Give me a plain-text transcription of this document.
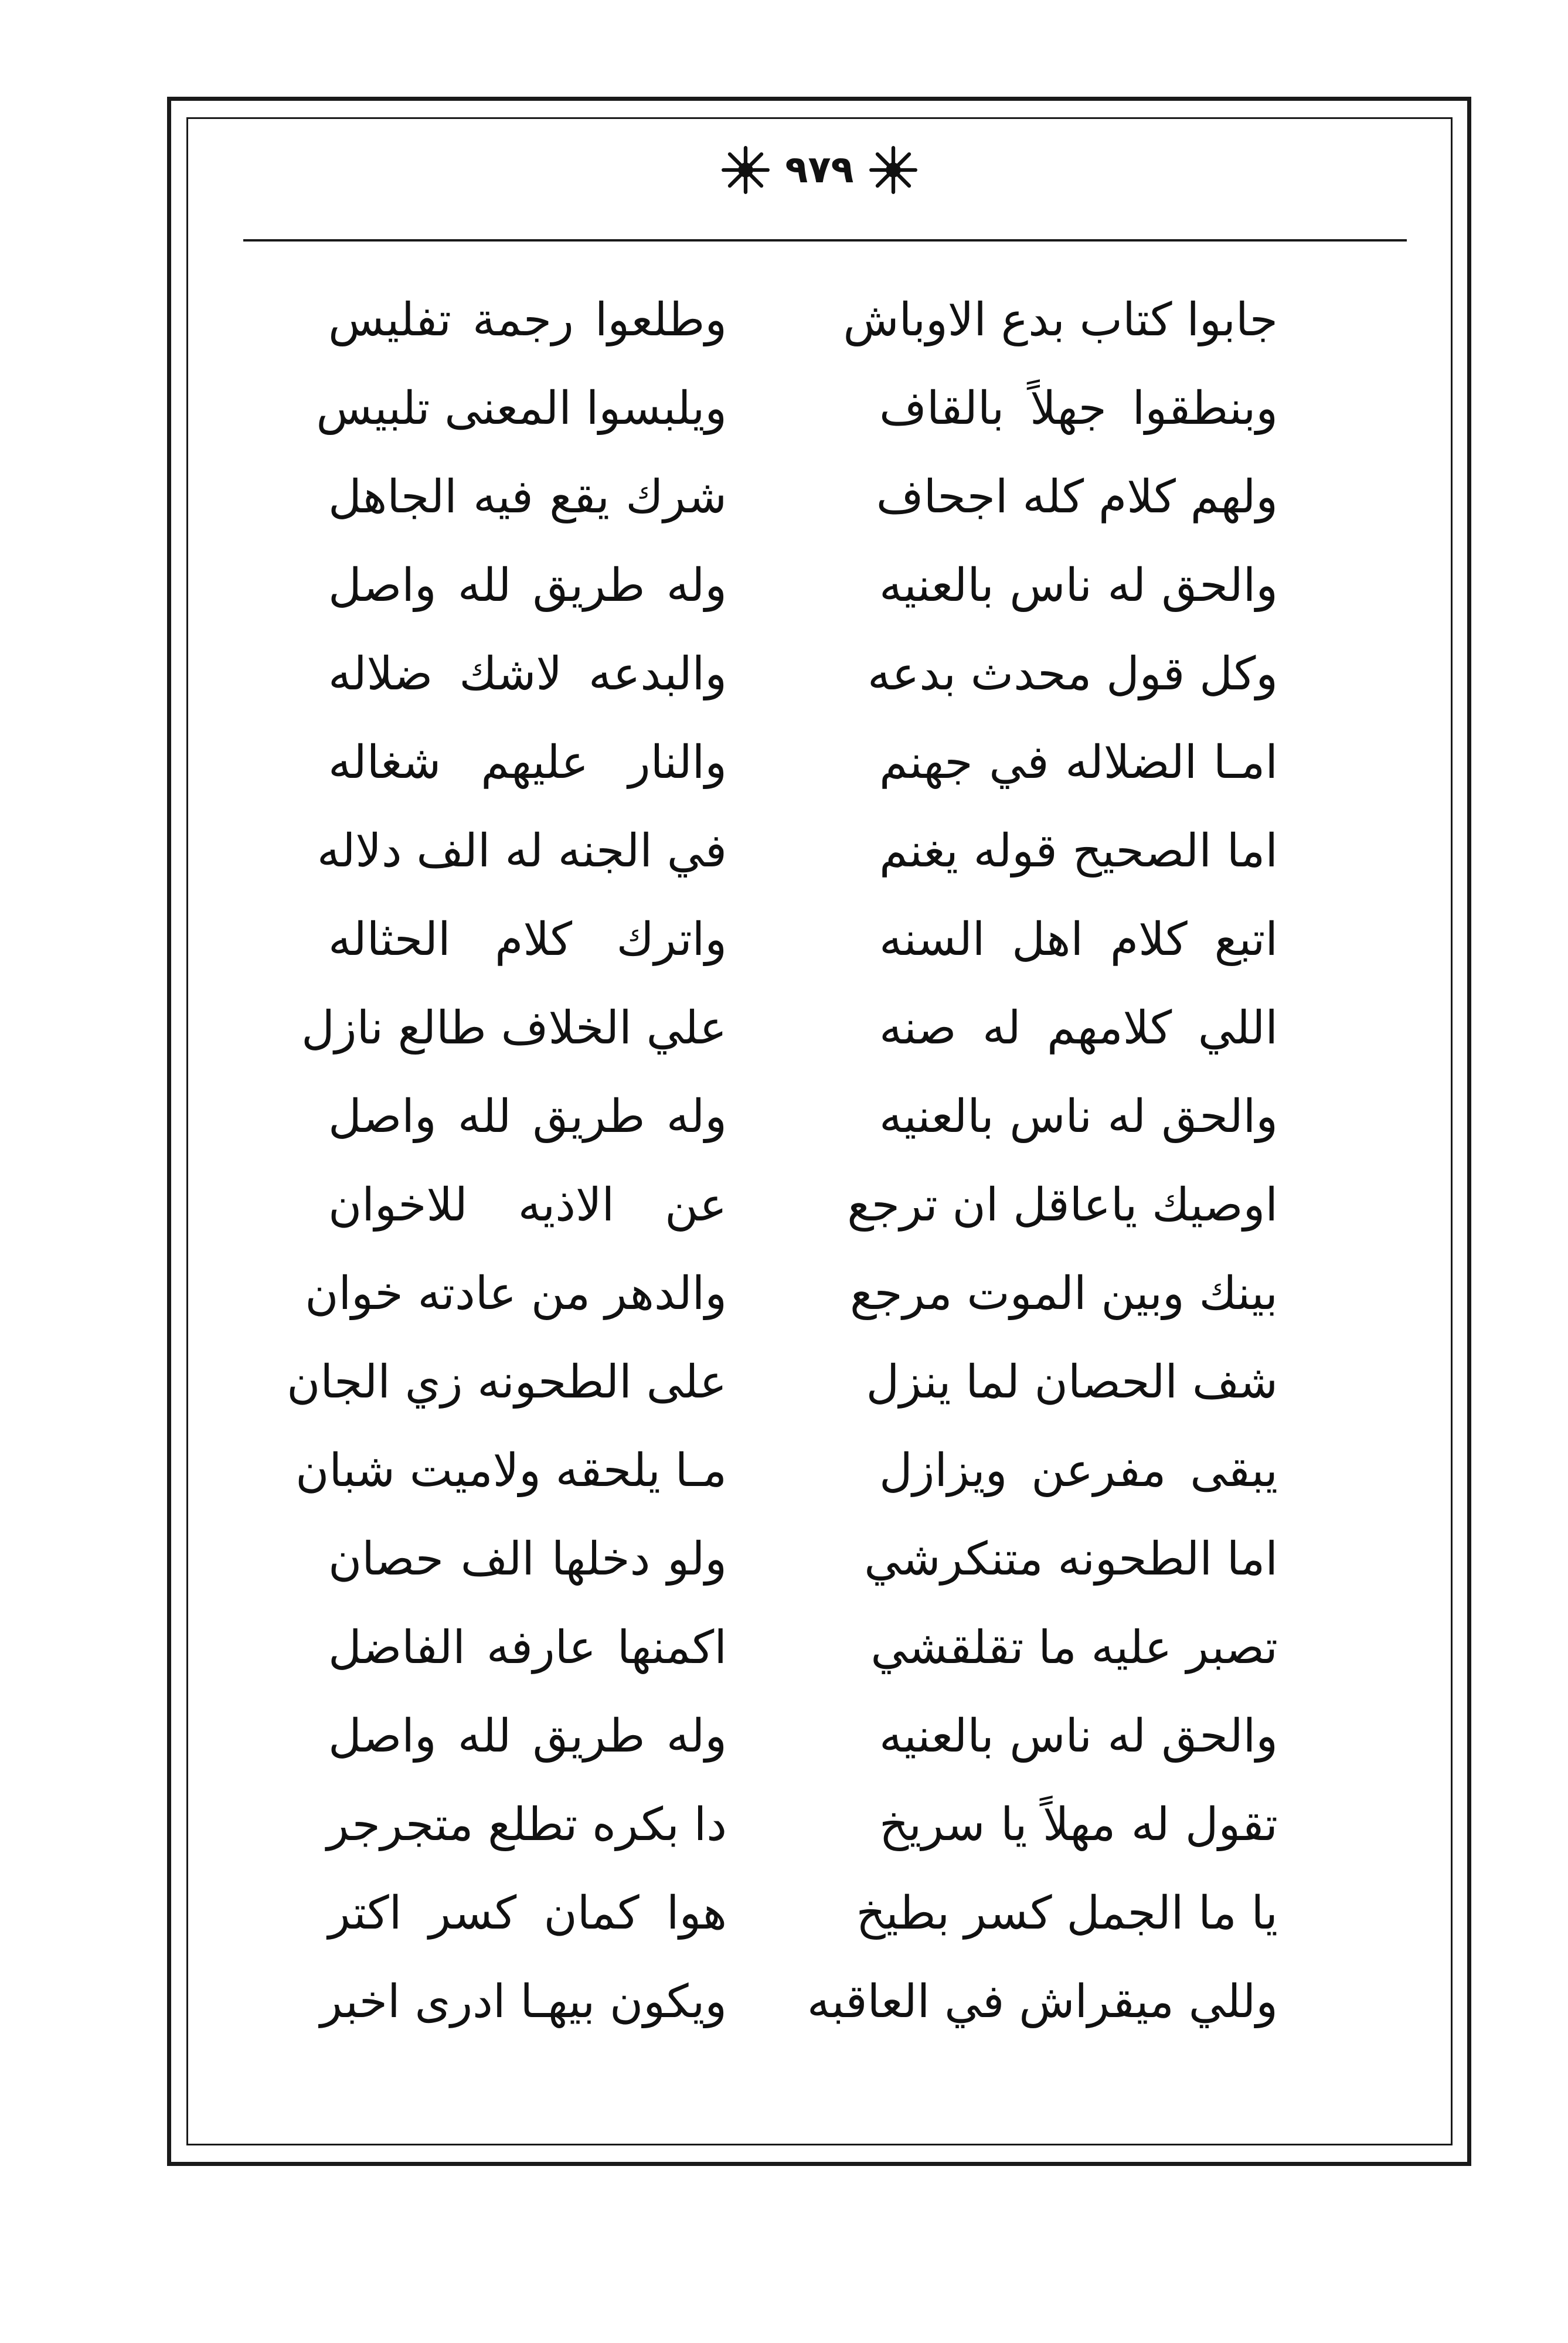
٩٧٩
جابوا كتاب بدع الاوباش
وطلعوا رجمة تفليس
وبنطقوا جهلاً بالقاف
ويلبسوا المعنى تلبيس
ولهم كلام كله اجحاف
شرك يقع فيه الجاهل
والحق له ناس بالعنيه
وله طريق لله واصل
وكل قول محدث بدعه
والبدعه لاشك ضلاله
امـا الضلاله في جهنم
والنار عليهم شغاله
اما الصحيح قوله يغنم
في الجنه له الف دلاله
اتبع كلام اهل السنه
واترك كلام الحثاله
اللي كلامهم له صنه
علي الخلاف طالع نازل
والحق له ناس بالعنيه
وله طريق لله واصل
اوصيك ياعاقل ان ترجع
عن الاذيه للاخوان
بينك وبين الموت مرجع
والدهر من عادته خوان
شف الحصان لما ينزل
على الطحونه زي الجان
يبقى مفرعن ويزازل
مـا يلحقه ولاميت شبان
اما الطحونه متنكرشي
ولو دخلها الف حصان
تصبر عليه ما تقلقشي
اكمنها عارفه الفاضل
والحق له ناس بالعنيه
وله طريق لله واصل
تقول له مهلاً يا سريخ
دا بكره تطلع متجرجر
يا ما الجمل كسر بطيخ
هوا كمان كسر اكتر
وللي ميقراش في العاقبه
ويكون بيهـا ادرى اخبر
